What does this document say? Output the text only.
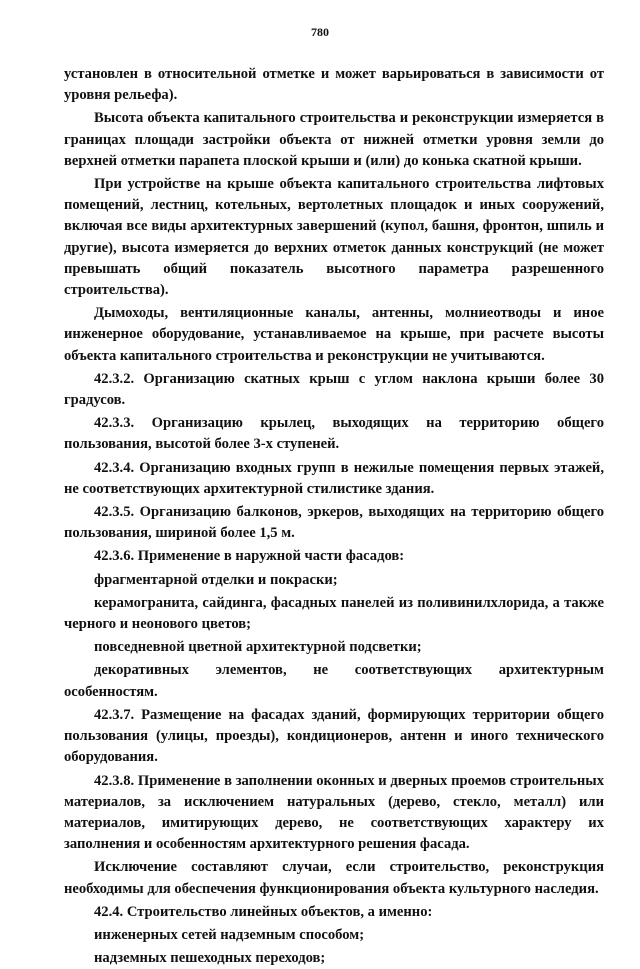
780

установлен в относительной отметке и может варьироваться в зависимости от уровня рельефа).

Высота объекта капитального строительства и реконструкции измеряется в границах площади застройки объекта от нижней отметки уровня земли до верхней отметки парапета плоской крыши и (или) до конька скатной крыши.

При устройстве на крыше объекта капитального строительства лифтовых помещений, лестниц, котельных, вертолетных площадок и иных сооружений, включая все виды архитектурных завершений (купол, башня, фронтон, шпиль и другие), высота измеряется до верхних отметок данных конструкций (не может превышать общий показатель высотного параметра разрешенного строительства).

Дымоходы, вентиляционные каналы, антенны, молниеотводы и иное инженерное оборудование, устанавливаемое на крыше, при расчете высоты объекта капитального строительства и реконструкции не учитываются.

42.3.2. Организацию скатных крыш с углом наклона крыши более 30 градусов.

42.3.3. Организацию крылец, выходящих на территорию общего пользования, высотой более 3-х ступеней.

42.3.4. Организацию входных групп в нежилые помещения первых этажей, не соответствующих архитектурной стилистике здания.

42.3.5. Организацию балконов, эркеров, выходящих на территорию общего пользования, шириной более 1,5 м.

42.3.6. Применение в наружной части фасадов:

фрагментарной отделки и покраски;

керамогранита, сайдинга, фасадных панелей из поливинилхлорида, а также черного и неонового цветов;

повседневной цветной архитектурной подсветки;

декоративных элементов, не соответствующих архитектурным особенностям.

42.3.7. Размещение на фасадах зданий, формирующих территории общего пользования (улицы, проезды), кондиционеров, антенн и иного технического оборудования.

42.3.8. Применение в заполнении оконных и дверных проемов строительных материалов, за исключением натуральных (дерево, стекло, металл) или материалов, имитирующих дерево, не соответствующих характеру их заполнения и особенностям архитектурного решения фасада.

Исключение составляют случаи, если строительство, реконструкция необходимы для обеспечения функционирования объекта культурного наследия.

42.4. Строительство линейных объектов, а именно:

инженерных сетей надземным способом;

надземных пешеходных переходов;
